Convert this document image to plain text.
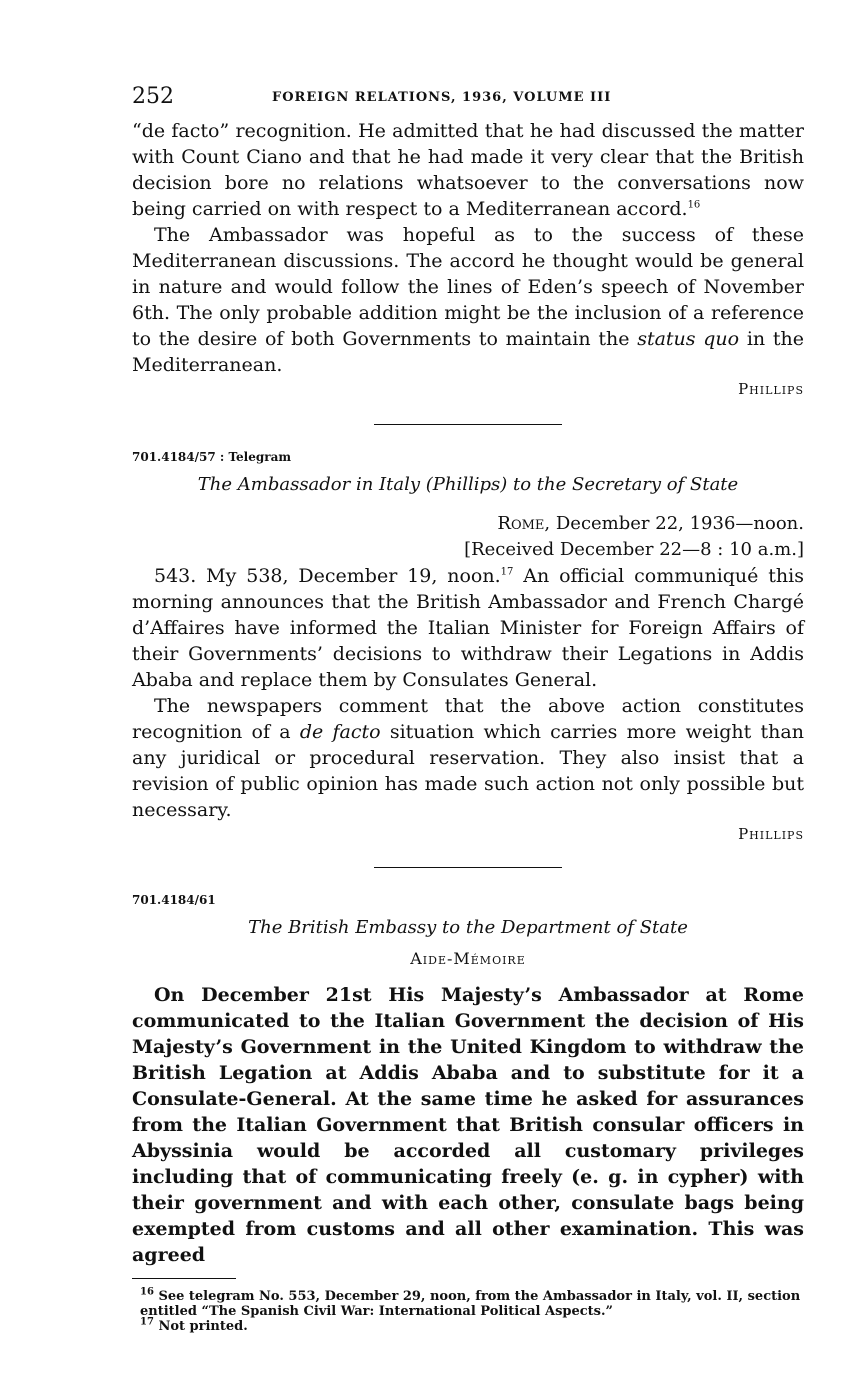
252	FOREIGN RELATIONS, 1936, VOLUME III

“de facto” recognition. He admitted that he had discussed the matter with Count Ciano and that he had made it very clear that the British decision bore no relations whatsoever to the conversations now being carried on with respect to a Mediterranean accord.$^{16}$

The Ambassador was hopeful as to the success of these Mediterranean discussions. The accord he thought would be general in nature and would follow the lines of Eden’s speech of November 6th. The only probable addition might be the inclusion of a reference to the desire of both Governments to maintain the status quo in the Mediterranean.

Phillips
701.4184/57 : Telegram
The Ambassador in Italy (Phillips) to the Secretary of State
Rome, December 22, 1936—noon.
[Received December 22—8 : 10 a.m.]

543. My 538, December 19, noon.$^{17}$ An official communiqué this morning announces that the British Ambassador and French Chargé d’Affaires have informed the Italian Minister for Foreign Affairs of their Governments’ decisions to withdraw their Legations in Addis Ababa and replace them by Consulates General.

The newspapers comment that the above action constitutes recognition of a de facto situation which carries more weight than any juridical or procedural reservation. They also insist that a revision of public opinion has made such action not only possible but necessary.

Phillips
701.4184/61
The British Embassy to the Department of State
Aide-Mémoire

On December 21st His Majesty’s Ambassador at Rome communicated to the Italian Government the decision of His Majesty’s Government in the United Kingdom to withdraw the British Legation at Addis Ababa and to substitute for it a Consulate-General. At the same time he asked for assurances from the Italian Government that British consular officers in Abyssinia would be accorded all customary privileges including that of communicating freely (e. g. in cypher) with their government and with each other, consulate bags being exempted from customs and all other examination. This was agreed

$^{16}$ See telegram No. 553, December 29, noon, from the Ambassador in Italy, vol. II, section entitled “The Spanish Civil War: International Political Aspects.”
$^{17}$ Not printed.
